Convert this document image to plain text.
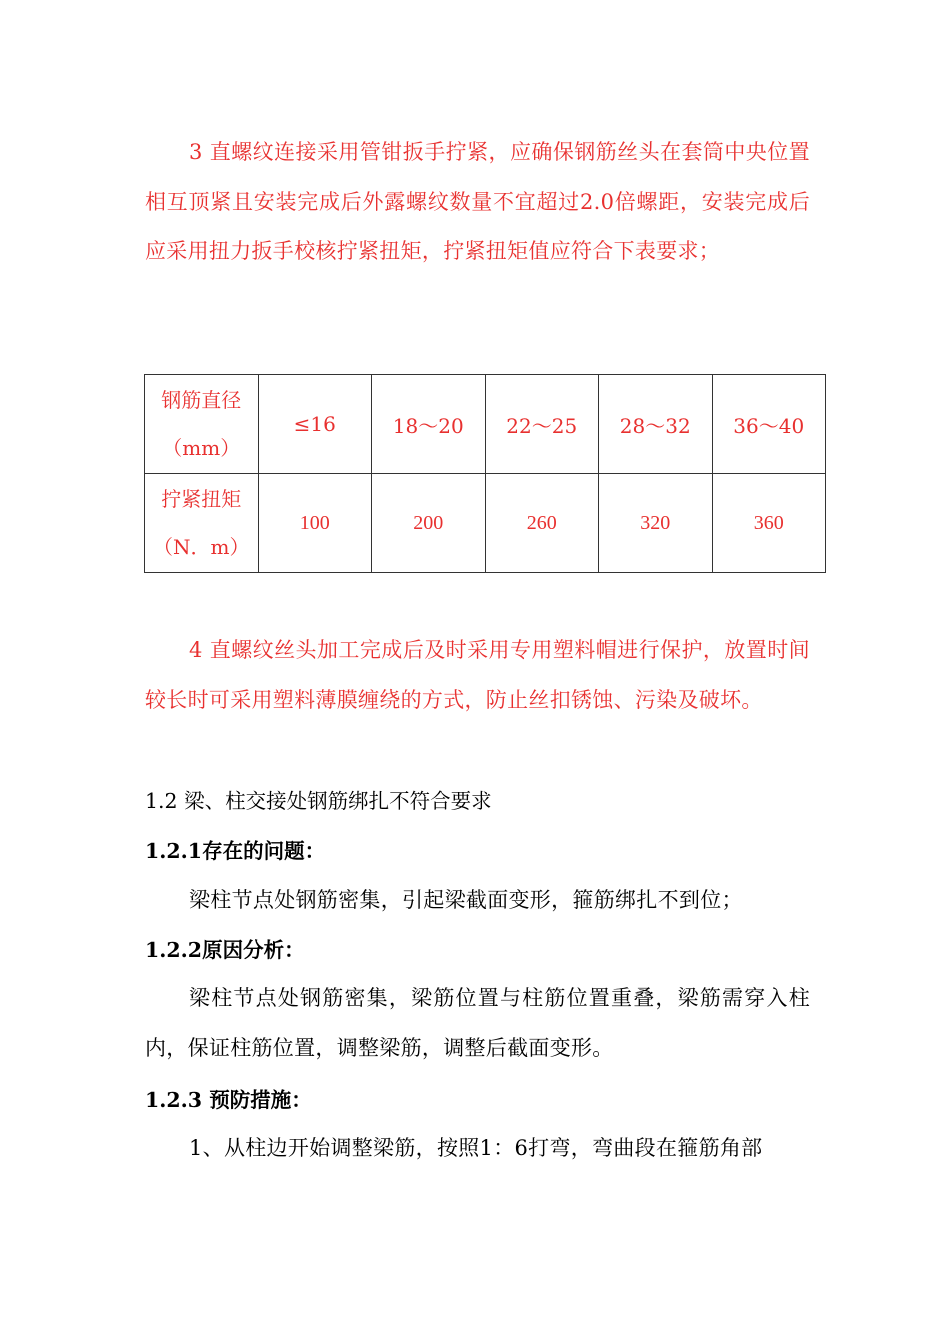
3 直螺纹连接采用管钳扳手拧紧，应确保钢筋丝头在套筒中央位置相互顶紧且安装完成后外露螺纹数量不宜超过2.0倍螺距，安装完成后应采用扭力扳手校核拧紧扭矩，拧紧扭矩值应符合下表要求；

钢筋直径
（mm）	≤16	18～20	22～25	28～32	36～40

拧紧扭矩
（N．m）	100	200	260	320	360

4 直螺纹丝头加工完成后及时采用专用塑料帽进行保护，放置时间较长时可采用塑料薄膜缠绕的方式，防止丝扣锈蚀、污染及破坏。

1.2 梁、柱交接处钢筋绑扎不符合要求

1.2.1存在的问题：

梁柱节点处钢筋密集，引起梁截面变形，箍筋绑扎不到位；

1.2.2原因分析：

梁柱节点处钢筋密集，梁筋位置与柱筋位置重叠，梁筋需穿入柱内，保证柱筋位置，调整梁筋，调整后截面变形。

1.2.3 预防措施：

1、从柱边开始调整梁筋，按照1：6打弯，弯曲段在箍筋角部
